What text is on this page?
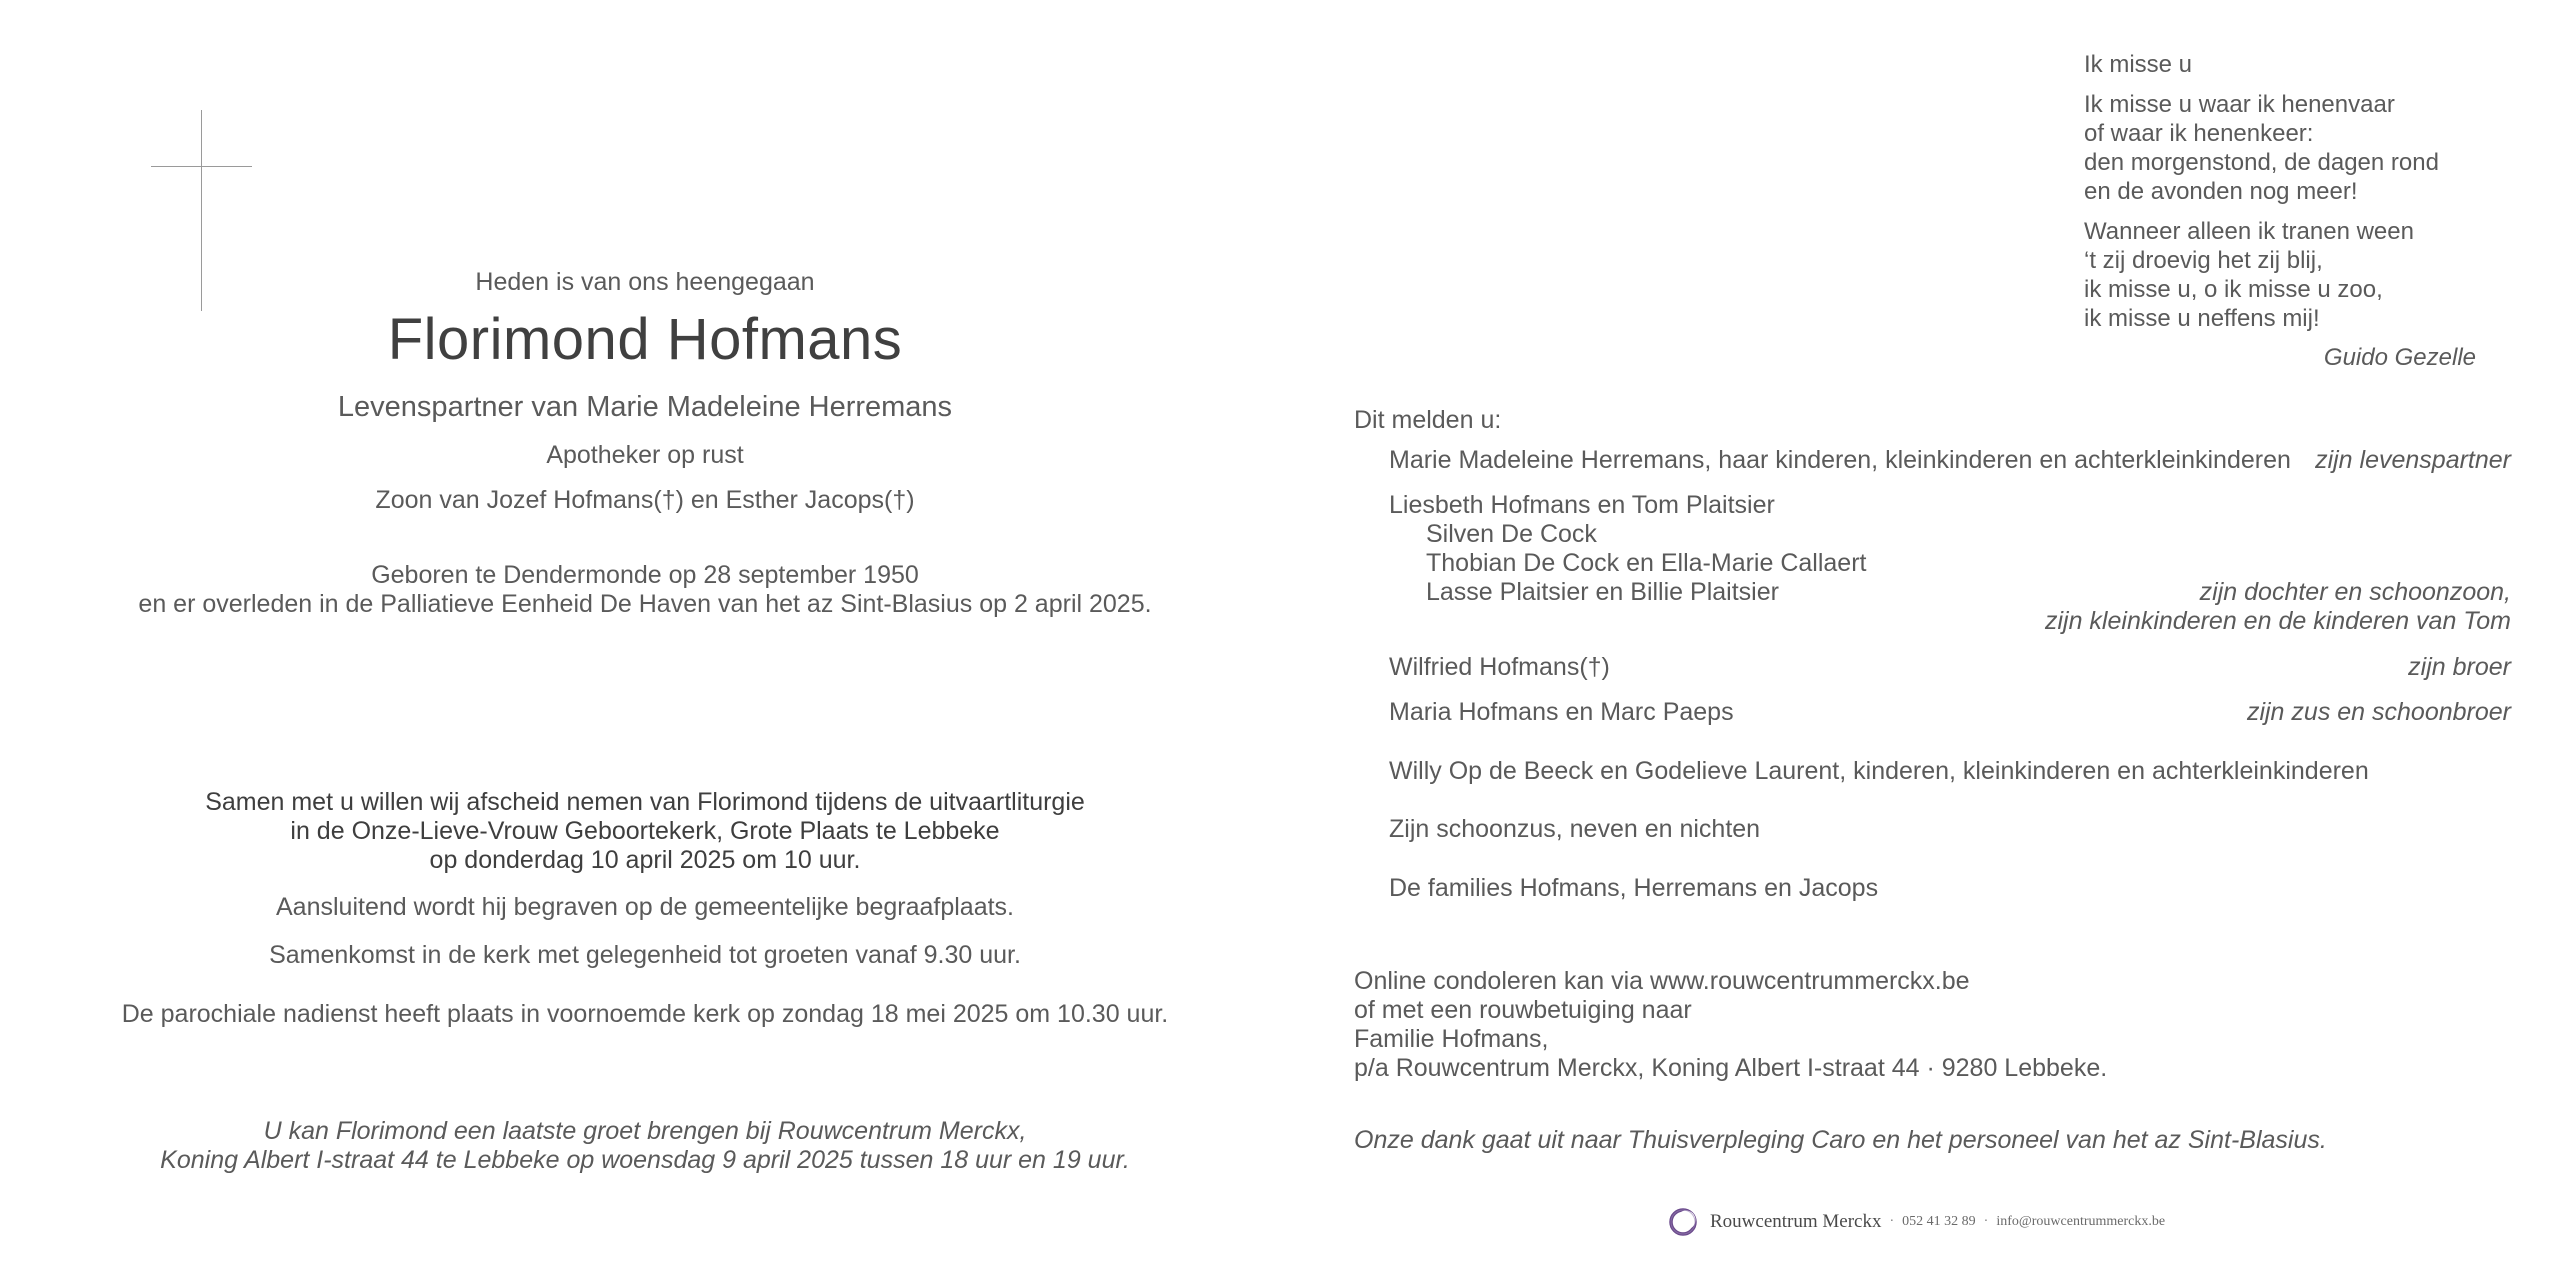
Heden is van ons heengegaan
Florimond Hofmans
Levenspartner van Marie Madeleine Herremans
Apotheker op rust
Zoon van Jozef Hofmans(†) en Esther Jacops(†)
Geboren te Dendermonde op 28 september 1950
en er overleden in de Palliatieve Eenheid De Haven van het az Sint-Blasius op 2 april 2025.
Samen met u willen wij afscheid nemen van Florimond tijdens de uitvaartliturgie
in de Onze-Lieve-Vrouw Geboortekerk, Grote Plaats te Lebbeke
op donderdag 10 april 2025 om 10 uur.
Aansluitend wordt hij begraven op de gemeentelijke begraafplaats.
Samenkomst in de kerk met gelegenheid tot groeten vanaf 9.30 uur.
De parochiale nadienst heeft plaats in voornoemde kerk op zondag 18 mei 2025 om 10.30 uur.
U kan Florimond een laatste groet brengen bij Rouwcentrum Merckx,
Koning Albert I-straat 44 te Lebbeke op woensdag 9 april 2025 tussen 18 uur en 19 uur.

Ik misse u

Ik misse u waar ik henenvaar
of waar ik henenkeer:
den morgenstond, de dagen rond
en de avonden nog meer!

Wanneer alleen ik tranen ween
‘t zij droevig het zij blij,
ik misse u, o ik misse u zoo,
ik misse u neffens mij!

Guido Gezelle
Dit melden u:
Marie Madeleine Herremans, haar kinderen, kleinkinderen en achterkleinkinderen zijn levenspartner
Liesbeth Hofmans en Tom Plaitsier
Silven De Cock
Thobian De Cock en Ella-Marie Callaert
Lasse Plaitsier en Billie Plaitsier	zijn dochter en schoonzoon,
zijn kleinkinderen en de kinderen van Tom
Wilfried Hofmans(†)	zijn broer
Maria Hofmans en Marc Paeps	zijn zus en schoonbroer
Willy Op de Beeck en Godelieve Laurent, kinderen, kleinkinderen en achterkleinkinderen
Zijn schoonzus, neven en nichten
De families Hofmans, Herremans en Jacops
Online condoleren kan via www.rouwcentrummerckx.be
of met een rouwbetuiging naar
Familie Hofmans,
p/a Rouwcentrum Merckx, Koning Albert I-straat 44 · 9280 Lebbeke.
Onze dank gaat uit naar Thuisverpleging Caro en het personeel van het az Sint-Blasius.
Rouwcentrum Merckx · 052 41 32 89 · info@rouwcentrummerckx.be
